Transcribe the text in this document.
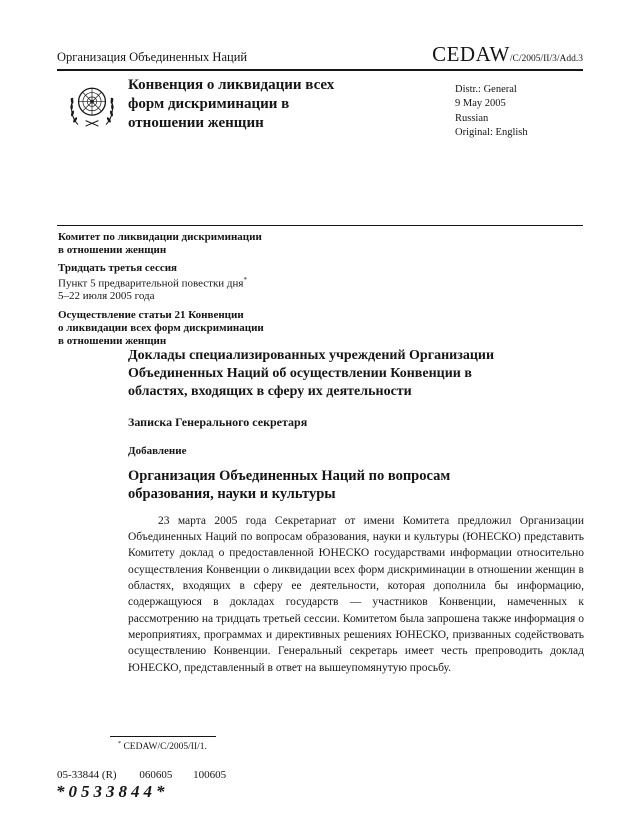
Организация Объединенных Наций	CEDAW/C/2005/II/3/Add.3
Конвенция о ликвидации всех форм дискриминации в отношении женщин
Distr.: General
9 May 2005
Russian
Original: English
Комитет по ликвидации дискриминации
в отношении женщин
Тридцать третья сессия
Пункт 5 предварительной повестки дня*
5–22 июля 2005 года
Осуществление статьи 21 Конвенции
о ликвидации всех форм дискриминации
в отношении женщин
Доклады специализированных учреждений Организации Объединенных Наций об осуществлении Конвенции в областях, входящих в сферу их деятельности
Записка Генерального секретаря
Добавление
Организация Объединенных Наций по вопросам образования, науки и культуры

23 марта 2005 года Секретариат от имени Комитета предложил Организации Объединенных Наций по вопросам образования, науки и культуры (ЮНЕСКО) представить Комитету доклад о предоставленной ЮНЕСКО государствами информации относительно осуществления Конвенции о ликвидации всех форм дискриминации в отношении женщин в областях, входящих в сферу ее деятельности, которая дополнила бы информацию, содержащуюся в докладах государств — участников Конвенции, намеченных к рассмотрению на тридцать третьей сессии. Комитетом была запрошена также информация о мероприятиях, программах и директивных решениях ЮНЕСКО, призванных содействовать осуществлению Конвенции. Генеральный секретарь имеет честь препроводить доклад ЮНЕСКО, представленный в ответ на вышеупомянутую просьбу.

* CEDAW/C/2005/II/1.
05-33844 (R) 060605 100605
*0533844*
